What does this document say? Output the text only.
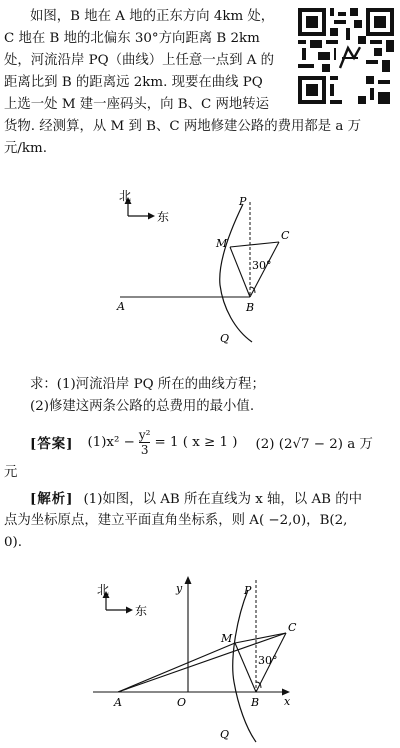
如图，B 地在 A 地的正东方向 4km 处，
C 地在 B 地的北偏东 30°方向距离 B 2km
处，河流沿岸 PQ（曲线）上任意一点到 A 的
距离比到 B 的距离远 2km. 现要在曲线 PQ
上选一处 M 建一座码头，向 B、C 两地转运
货物. 经测算，从 M 到 B、C 两地修建公路的费用都是 a 万
元/km.
北
东
P
M
C
A	B
Q
30°
求：(1)河流沿岸 PQ 所在的曲线方程；
(2)修建这两条公路的总费用的最小值.
[答案] $(1)x^2 - \frac{\text{y²}}{3} = 1$ ( x ≥ 1 ) (2) (2√7 − 2) a 万
元
[解析] (1)如图，以 AB 所在直线为 x 轴，以 AB 的中
点为坐标原点，建立平面直角坐标系，则 A( −2,0)，B(2,
0).
北
东
y
x
O
P
M
C
A	B
Q
30°
